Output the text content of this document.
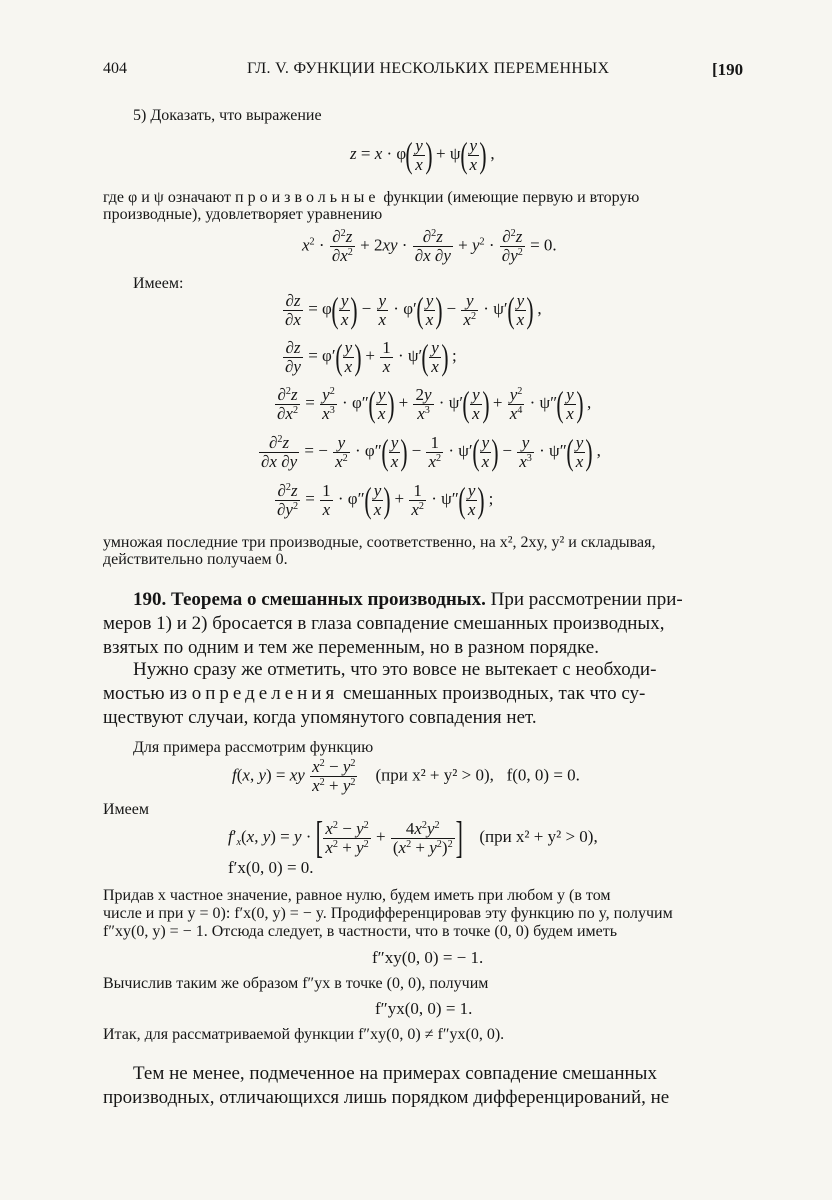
404	ГЛ. V. ФУНКЦИИ НЕСКОЛЬКИХ ПЕРЕМЕННЫХ	[190
5) Доказать, что выражение
$z = x \cdot \varphi( \frac{y}{x}$ ) + $\psi( \frac{y}{x}$ ) ,
где φ и ψ означают произвольные функции (имеющие первую и вторую
производные), удовлетворяет уравнению
$x^2 \cdot \frac{\partial^2z}{\partial x^2} + 2xy \cdot \frac{\partial^2z}{\partial x \partial y} + y^2 \cdot \frac{\partial^2z}{\partial y^2} = 0$.
Имеем:
$\frac{\partial z}{\partial x} = \varphi( \frac{y}{x}$ ) − $\frac{y}{x} \cdot \varphi'( \frac{y}{x}$ ) − $\frac{y}{x^2} \cdot \psi'( \frac{y}{x}$ ) ,
$\frac{\partial z}{\partial y} = \varphi'( \frac{y}{x}$ ) + $\frac{1}{x} \cdot \psi'( \frac{y}{x}$ ) ;
$\frac{\partial^2z}{\partial x^2} = \frac{y^2}{x^3} \cdot \varphi''( \frac{y}{x}$ ) + $\frac{2y}{x^3} \cdot \psi'( \frac{y}{x}$ ) + $\frac{y^2}{x^4} \cdot \psi''( \frac{y}{x}$ ) ,
$\frac{\partial^2z}{\partial x \partial y}$ = − $\frac{y}{x^2} \cdot \varphi''( \frac{y}{x}$ ) − $\frac{1}{x^2} \cdot \psi'( \frac{y}{x}$ ) − $\frac{y}{x^3} \cdot \psi''( \frac{y}{x}$ ) ,
$\frac{\partial^2z}{\partial y^2} = \frac{1}{x} \cdot \varphi''( \frac{y}{x}$ ) + $\frac{1}{x^2} \cdot \psi''( \frac{y}{x}$ ) ;
умножая последние три производные, соответственно, на x², 2xy, y² и складывая,
действительно получаем 0.
190. Теорема о смешанных производных. При рассмотрении при-
меров 1) и 2) бросается в глаза совпадение смешанных производных,
взятых по одним и тем же переменным, но в разном порядке.
Нужно сразу же отметить, что это вовсе не вытекает с необходи-
мостью из определения смешанных производных, так что су-
ществуют случаи, когда упомянутого совпадения нет.
Для примера рассмотрим функцию
f(x, y) = xy $\frac{x^2 - y^2}{x^2 + y^2} (при$ x² + y² > 0), f(0, 0) = 0.
Имеем
$f'_x(x$, y) = y · [ $\frac{x^2 - y^2}{x^2 + y^2} + \frac{4x^2y^2}{(x^2 + y^2)^2}$ ] (при x² + y² > 0),
f′x(0, 0) = 0.
Придав x частное значение, равное нулю, будем иметь при любом y (в том
числе и при y = 0): f′x(0, y) = − y. Продифференцировав эту функцию по y, получим
f″xy(0, y) = − 1. Отсюда следует, в частности, что в точке (0, 0) будем иметь
f″xy(0, 0) = − 1.
Вычислив таким же образом f″yx в точке (0, 0), получим
f″yx(0, 0) = 1.
Итак, для рассматриваемой функции f″xy(0, 0) ≠ f″yx(0, 0).
Тем не менее, подмеченное на примерах совпадение смешанных
производных, отличающихся лишь порядком дифференцирований, не
